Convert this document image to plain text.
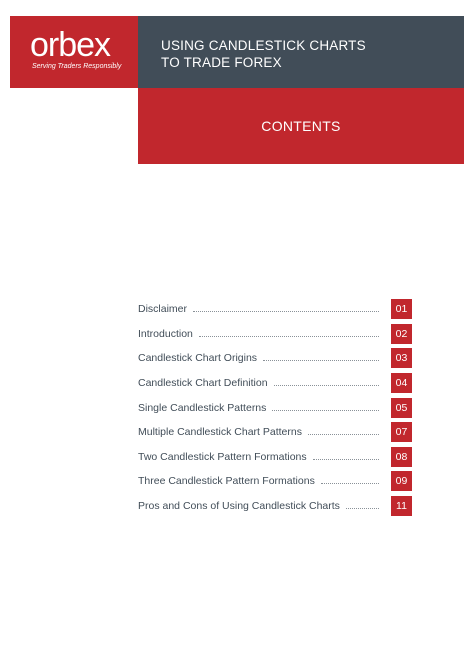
orbex
Serving Traders Responsibly
USING CANDLESTICK CHARTS
TO TRADE FOREX
CONTENTS
Disclaimer	01
Introduction	02
Candlestick Chart Origins	03
Candlestick Chart Definition	04
Single Candlestick Patterns	05
Multiple Candlestick Chart Patterns	07
Two Candlestick Pattern Formations	08
Three Candlestick Pattern Formations	09
Pros and Cons of Using Candlestick Charts	11
